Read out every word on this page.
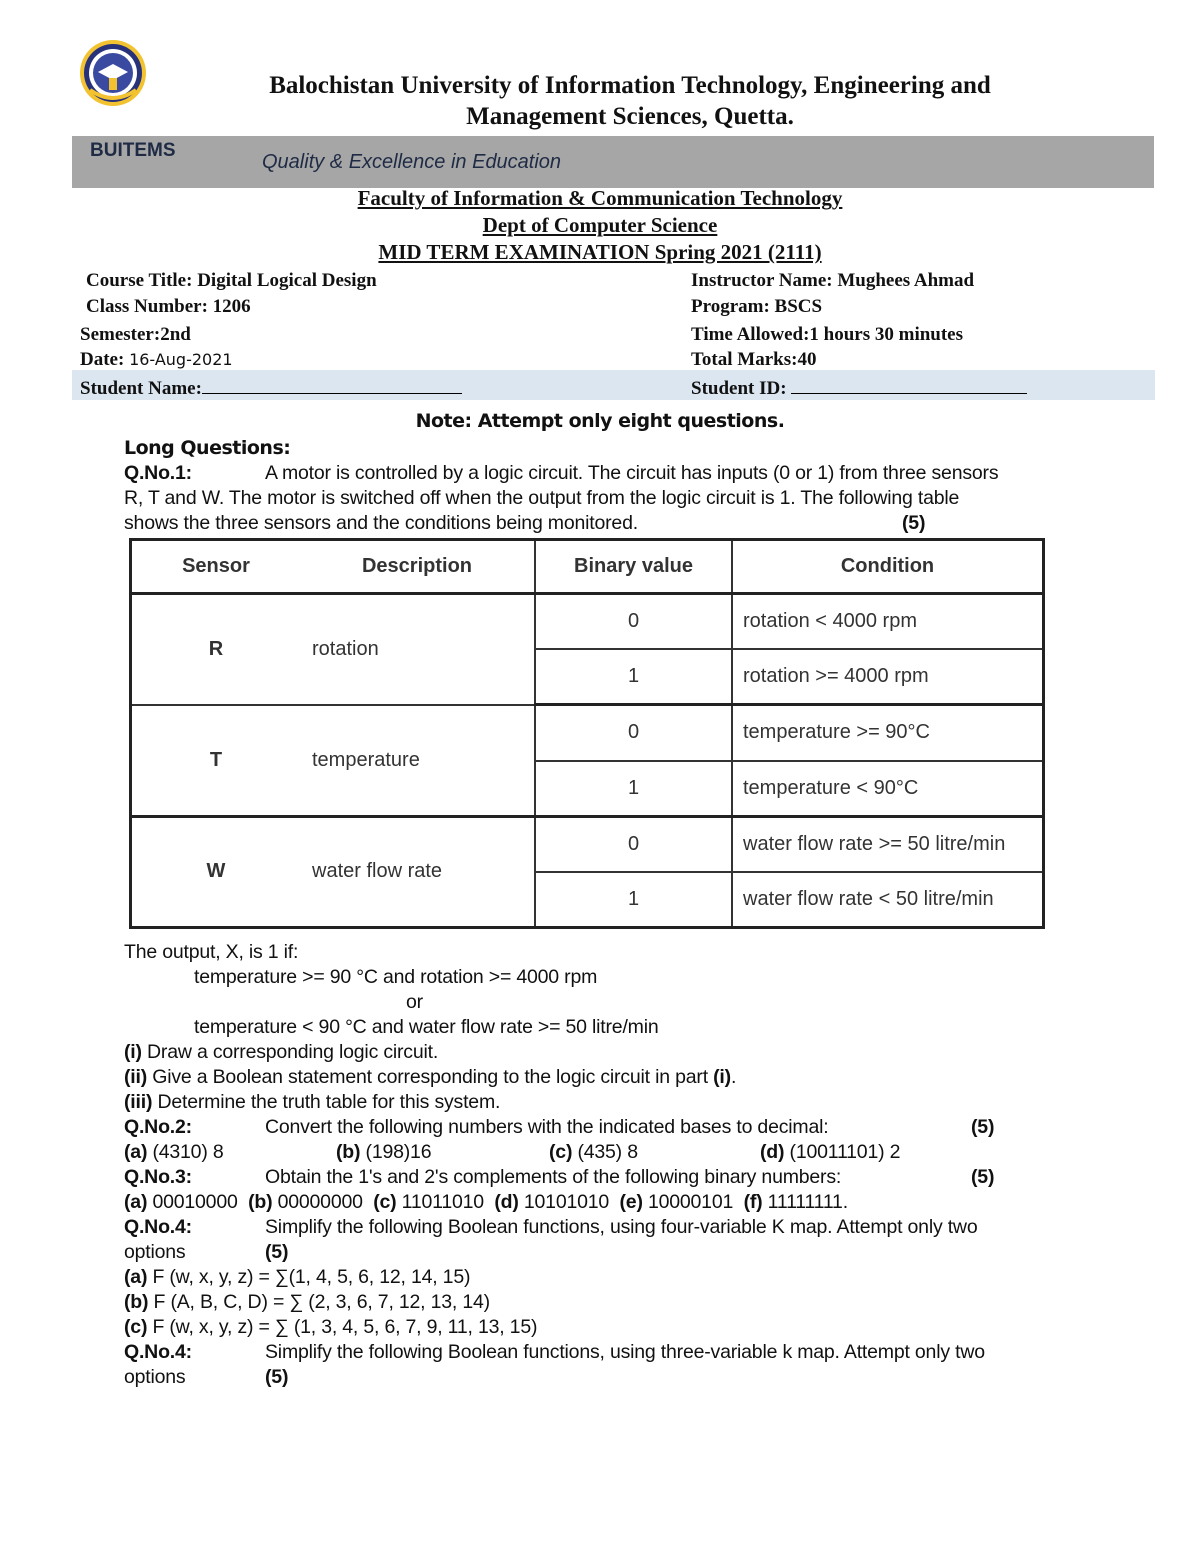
Balochistan University of Information Technology, Engineering and
Management Sciences, Quetta.
BUITEMS
Quality & Excellence in Education
Faculty of Information & Communication Technology
Dept of Computer Science
MID TERM EXAMINATION Spring 2021 (2111)
Course Title: Digital Logical Design	Instructor Name: Mughees Ahmad
Class Number: 1206	Program: BSCS
Semester:2nd	Time Allowed:1 hours 30 minutes
Date: 16-Aug-2021	Total Marks:40
Student Name:	Student ID:
Note: Attempt only eight questions.
Long Questions:
Q.No.1:	A motor is controlled by a logic circuit. The circuit has inputs (0 or 1) from three sensors
R, T and W. The motor is switched off when the output from the logic circuit is 1. The following table
shows the three sensors and the conditions being monitored.	(5)
Sensor	Description	Binary value	Condition
R	rotation	0	rotation < 4000 rpm
		1	rotation >= 4000 rpm
T	temperature	0	temperature >= 90°C
		1	temperature < 90°C
W	water flow rate	0	water flow rate >= 50 litre/min
		1	water flow rate < 50 litre/min
The output, X, is 1 if:
temperature >= 90 °C and rotation >= 4000 rpm
or
temperature < 90 °C and water flow rate >= 50 litre/min
(i) Draw a corresponding logic circuit.
(ii) Give a Boolean statement corresponding to the logic circuit in part (i).
(iii) Determine the truth table for this system.
Q.No.2:	Convert the following numbers with the indicated bases to decimal:	(5)
(a) (4310) 8	(b) (198)16	(c) (435) 8	(d) (10011101) 2
Q.No.3:	Obtain the 1's and 2's complements of the following binary numbers:	(5)
(a) 00010000 (b) 00000000 (c) 11011010 (d) 10101010 (e) 10000101 (f) 11111111.
Q.No.4:	Simplify the following Boolean functions, using four-variable K map. Attempt only two
options	(5)
(a) F (w, x, y, z) = ∑(1, 4, 5, 6, 12, 14, 15)
(b) F (A, B, C, D) = ∑ (2, 3, 6, 7, 12, 13, 14)
(c) F (w, x, y, z) = ∑ (1, 3, 4, 5, 6, 7, 9, 11, 13, 15)
Q.No.4:	Simplify the following Boolean functions, using three-variable k map. Attempt only two
options	(5)
